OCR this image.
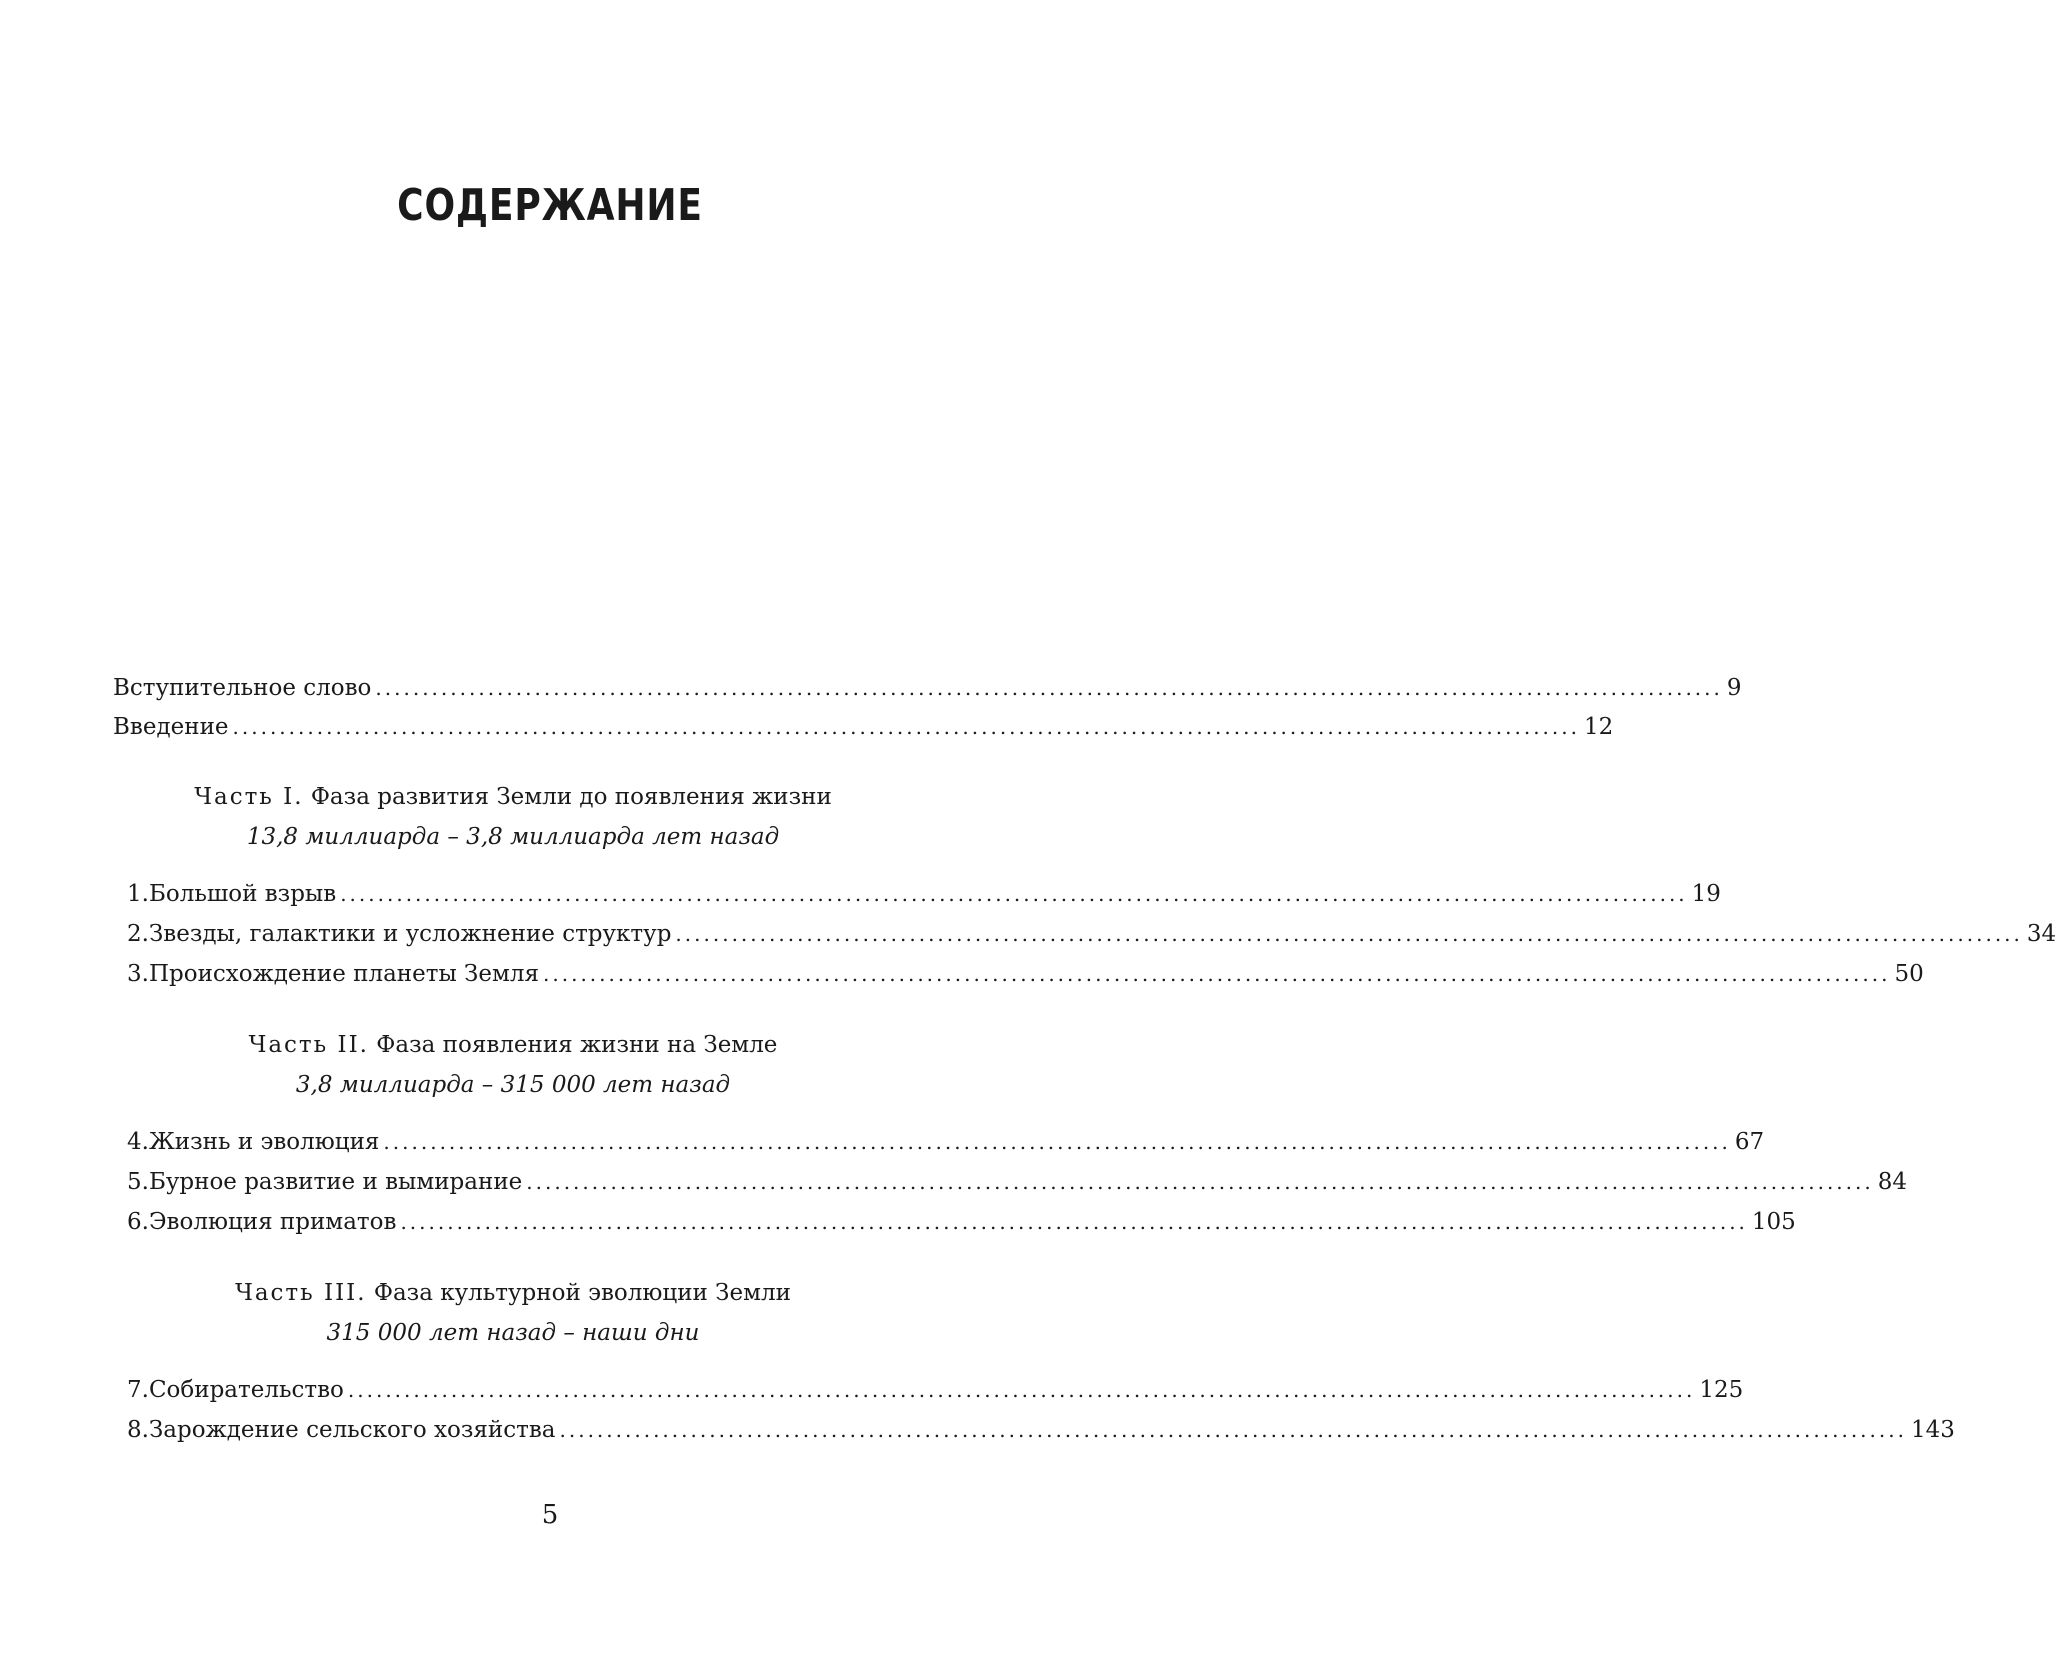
СОДЕРЖАНИЕ
Вступительное слово ................................................................................................................................................ 9
Введение ................................................................................................................................................ 12
Часть I. Фаза развития Земли до появления жизни
13,8 миллиарда – 3,8 миллиарда лет назад
1. Большой взрыв ................................................................................................................................................ 19
2. Звезды, галактики и усложнение структур ................................................................................................................................................ 34
3. Происхождение планеты Земля ................................................................................................................................................ 50
Часть II. Фаза появления жизни на Земле
3,8 миллиарда – 315 000 лет назад
4. Жизнь и эволюция ................................................................................................................................................ 67
5. Бурное развитие и вымирание ................................................................................................................................................ 84
6. Эволюция приматов ................................................................................................................................................ 105
Часть III. Фаза культурной эволюции Земли
315 000 лет назад – наши дни
7. Собирательство ................................................................................................................................................ 125
8. Зарождение сельского хозяйства ................................................................................................................................................ 143
5
